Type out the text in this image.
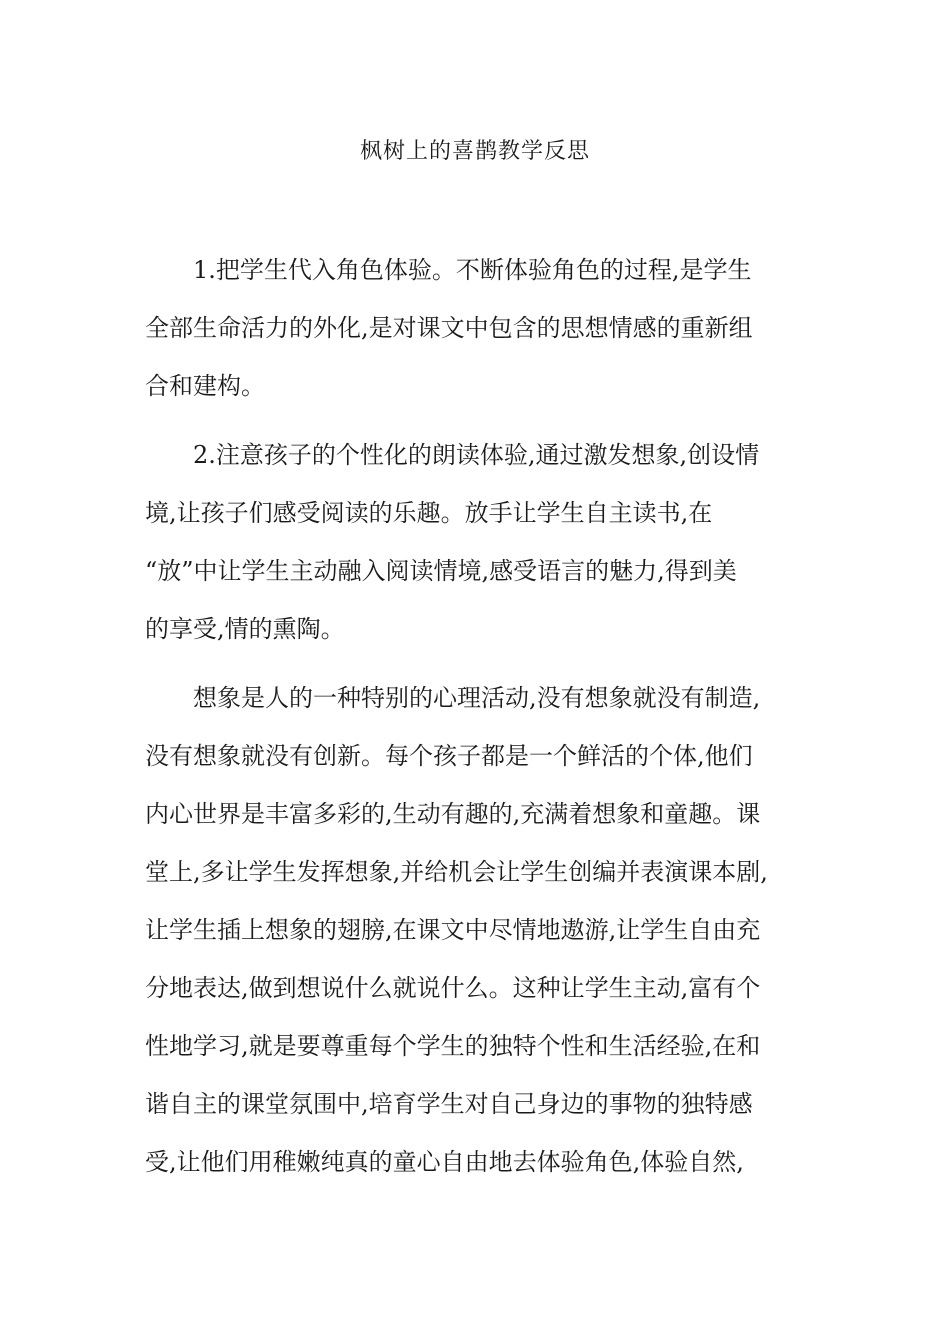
枫树上的喜鹊教学反思
1.把学生代入角色体验。不断体验角色的过程,是学生
全部生命活力的外化,是对课文中包含的思想情感的重新组
合和建构。
2.注意孩子的个性化的朗读体验,通过激发想象,创设情
境,让孩子们感受阅读的乐趣。放手让学生自主读书,在
“放”中让学生主动融入阅读情境,感受语言的魅力,得到美
的享受,情的熏陶。
想象是人的一种特别的心理活动,没有想象就没有制造,
没有想象就没有创新。每个孩子都是一个鲜活的个体,他们
内心世界是丰富多彩的,生动有趣的,充满着想象和童趣。课
堂上,多让学生发挥想象,并给机会让学生创编并表演课本剧,
让学生插上想象的翅膀,在课文中尽情地遨游,让学生自由充
分地表达,做到想说什么就说什么。这种让学生主动,富有个
性地学习,就是要尊重每个学生的独特个性和生活经验,在和
谐自主的课堂氛围中,培育学生对自己身边的事物的独特感
受,让他们用稚嫩纯真的童心自由地去体验角色,体验自然,
